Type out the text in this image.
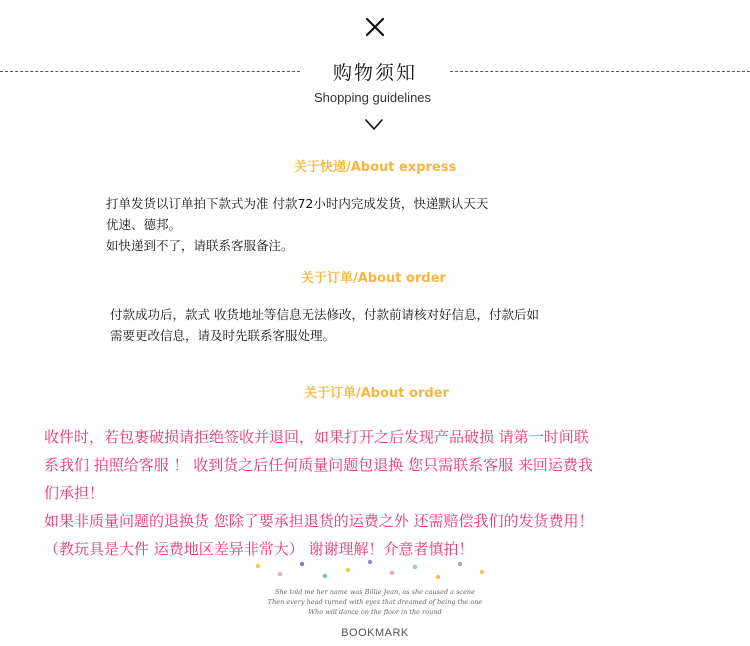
购物须知
Shopping guidelines
关于快递/About express
打单发货以订单拍下款式为准 付款72小时内完成发货，快递默认天天
优速、德邦。
如快递到不了，请联系客服备注。
关于订单/About order
付款成功后，款式 收货地址等信息无法修改，付款前请核对好信息，付款后如
需要更改信息，请及时先联系客服处理。
关于订单/About order
收件时，若包裹破损请拒绝签收并退回，如果打开之后发现产品破损 请第一时间联
系我们 拍照给客服 ！ 收到货之后任何质量问题包退换 您只需联系客服 来回运费我
们承担！
如果非质量问题的退换货 您除了要承担退货的运费之外 还需赔偿我们的发货费用！
（教玩具是大件 运费地区差异非常大） 谢谢理解！介意者慎拍！
She told me her name was Billie Jean, as she caused a scene
Then every head turned with eyes that dreamed of being the one
Who will dance on the floor in the round
BOOKMARK
